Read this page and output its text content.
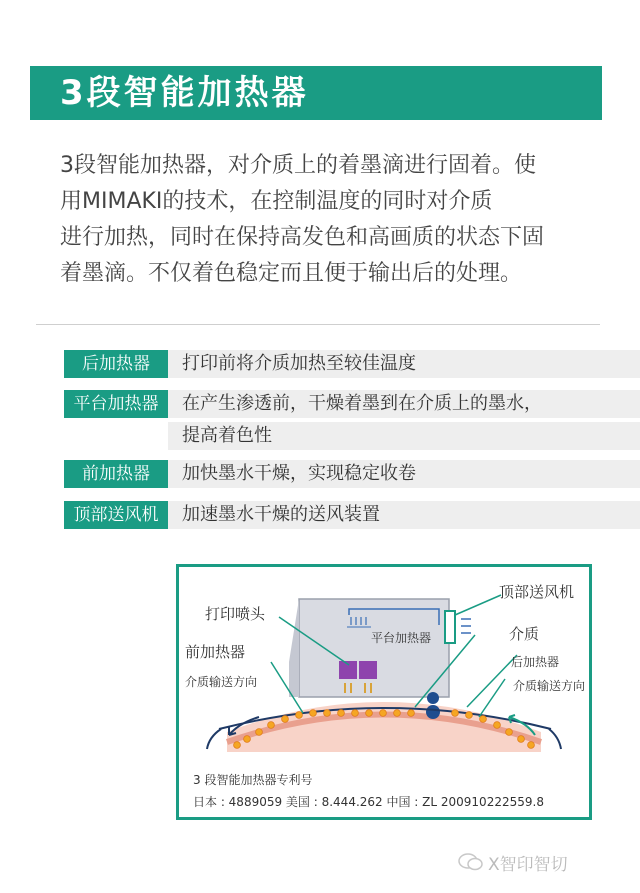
3段智能加热器
3段智能加热器，对介质上的着墨滴进行固着。使
用MIMAKI的技术，在控制温度的同时对介质
进行加热，同时在保持高发色和高画质的状态下固
着墨滴。不仅着色稳定而且便于输出后的处理。
后加热器	打印前将介质加热至较佳温度
平台加热器	在产生渗透前，干燥着墨到在介质上的墨水，
提高着色性
前加热器	加快墨水干燥，实现稳定收卷
顶部送风机	加速墨水干燥的送风装置
打印喷头
顶部送风机
平台加热器
前加热器
介质输送方向
介质
后加热器
介质输送方向
3 段智能加热器专利号
日本 : 4889059 美国 : 8.444.262 中国 : ZL 200910222559.8
X智印智切
